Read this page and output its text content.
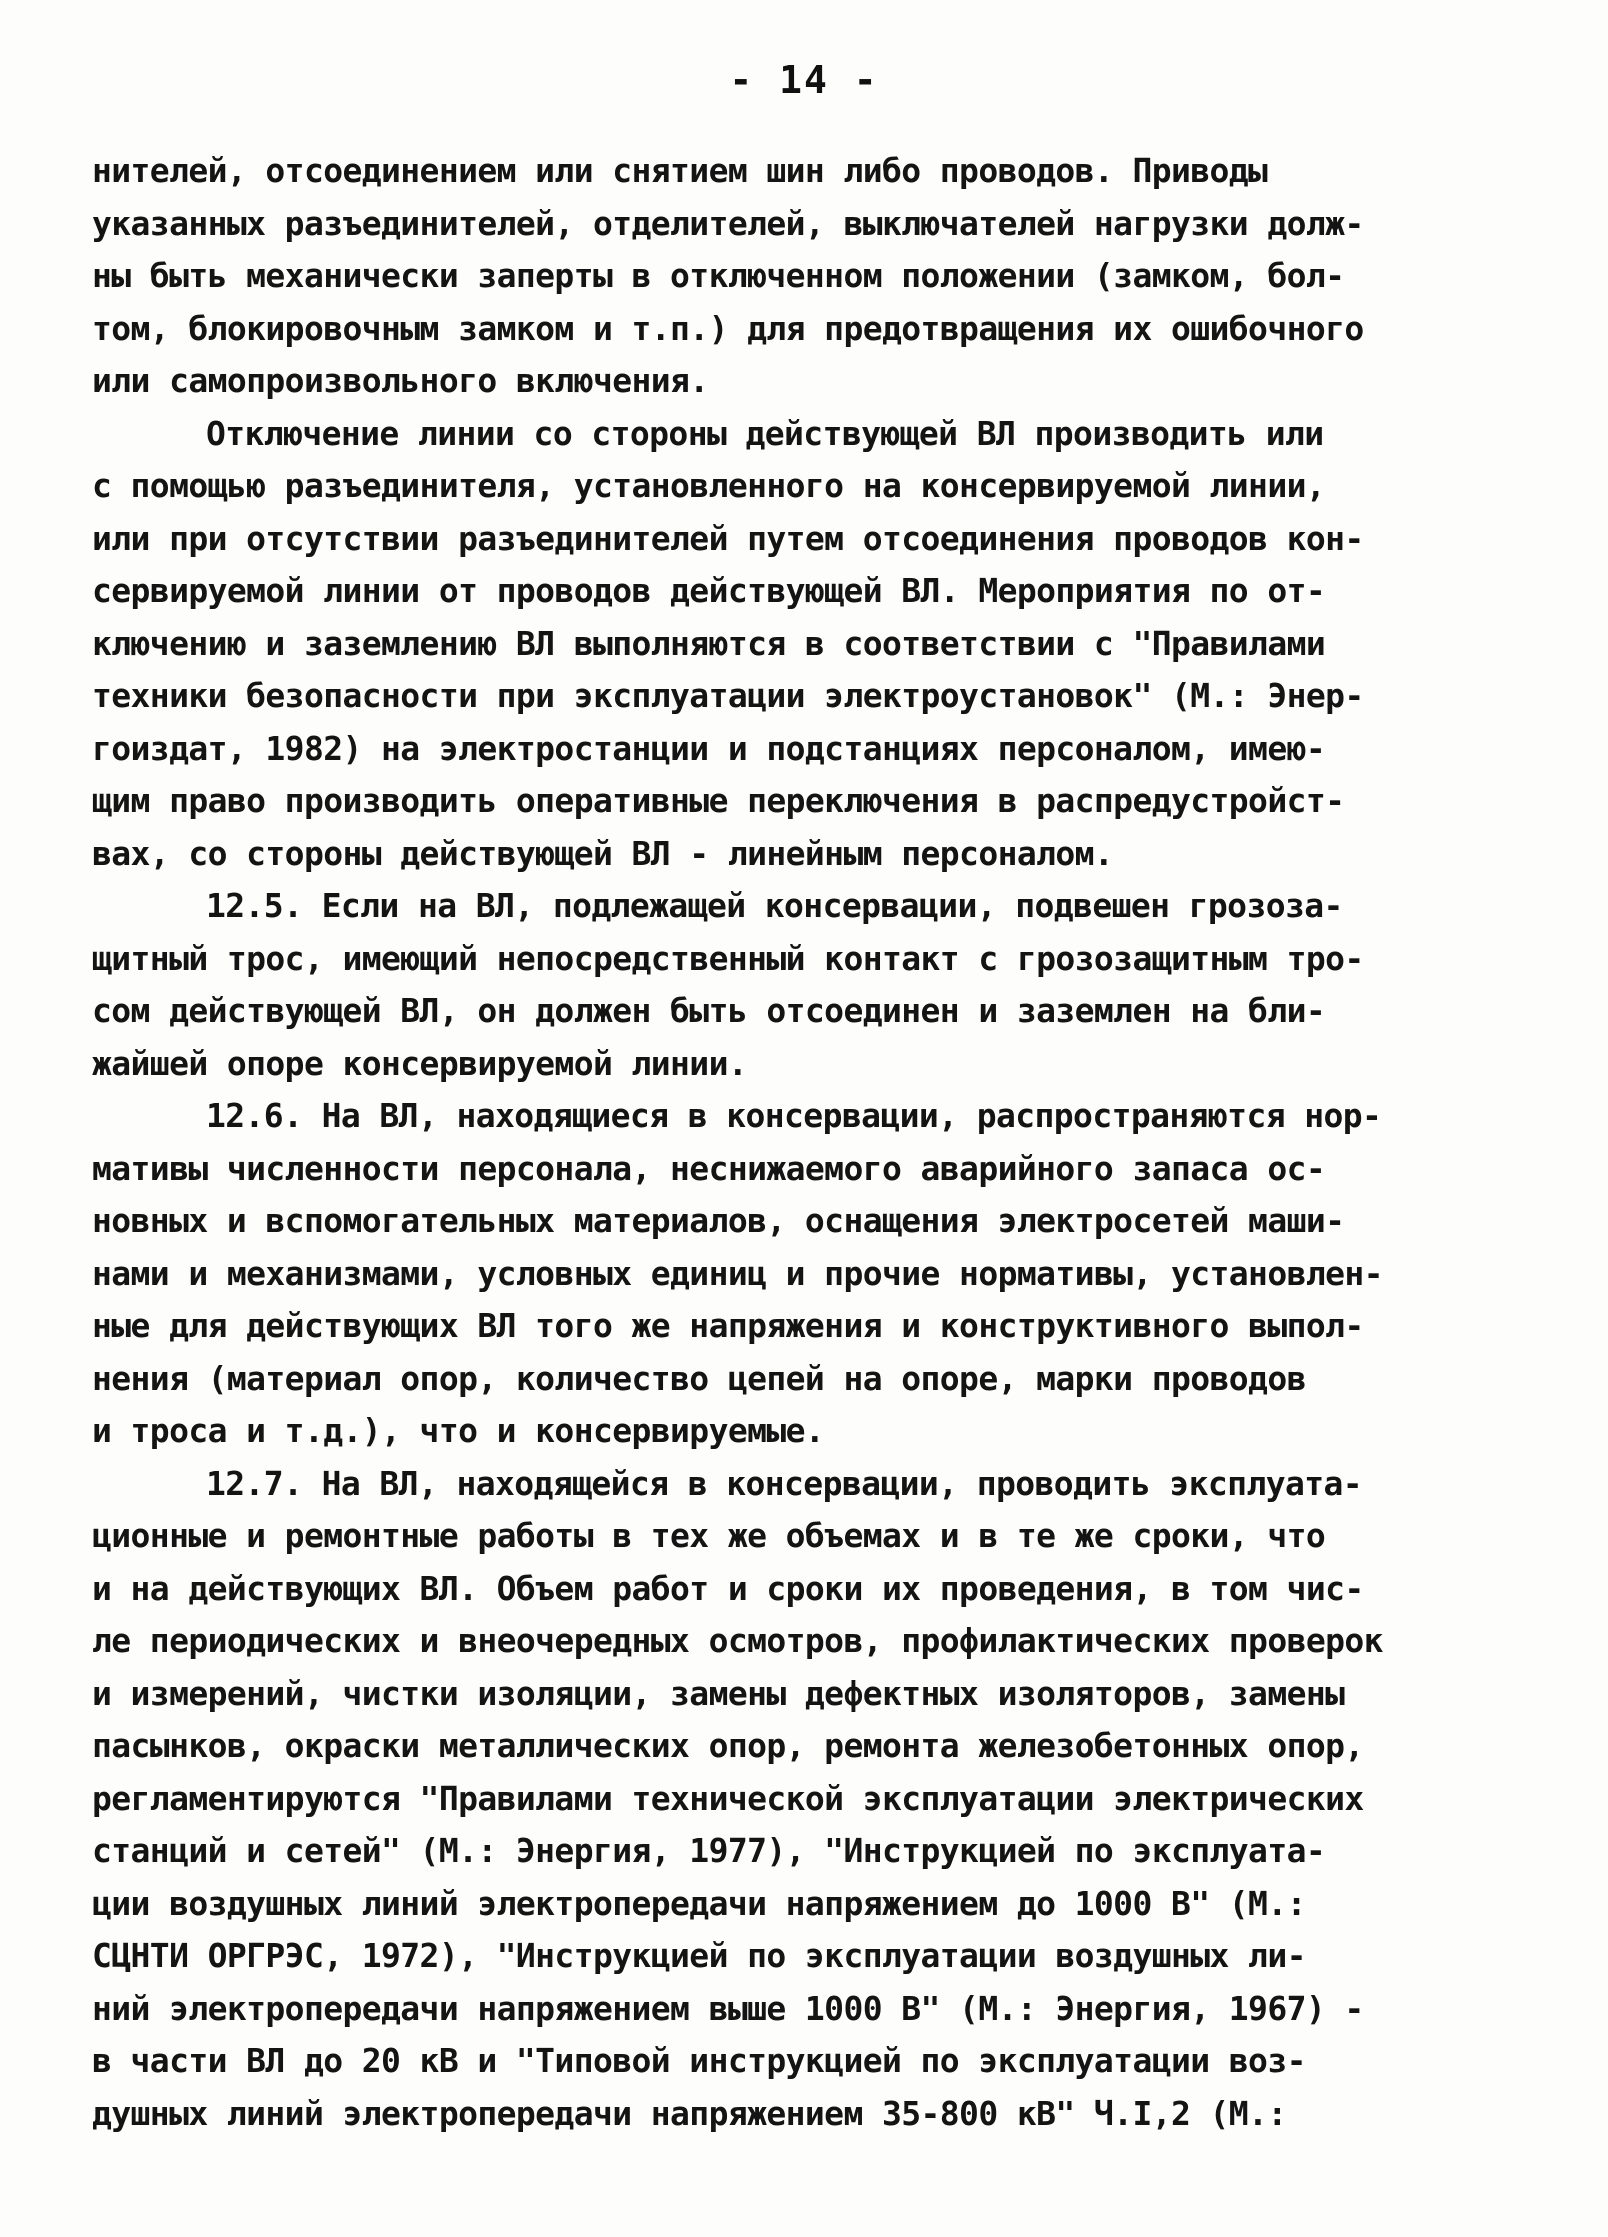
- 14 -
нителей, отсоединением или снятием шин либо проводов. Приводы
указанных разъединителей, отделителей, выключателей нагрузки долж-
ны быть механически заперты в отключенном положении (замком, бол-
том, блокировочным замком и т.п.) для предотвращения их ошибочного
или самопроизвольного включения.
Отключение линии со стороны действующей ВЛ производить или
с помощью разъединителя, установленного на консервируемой линии,
или при отсутствии разъединителей путем отсоединения проводов кон-
сервируемой линии от проводов действующей ВЛ. Мероприятия по от-
ключению и заземлению ВЛ выполняются в соответствии с "Правилами
техники безопасности при эксплуатации электроустановок" (М.: Энер-
гоиздат, 1982) на электростанции и подстанциях персоналом, имею-
щим право производить оперативные переключения в распредустройст-
вах, со стороны действующей ВЛ - линейным персоналом.
12.5. Если на ВЛ, подлежащей консервации, подвешен грозоза-
щитный трос, имеющий непосредственный контакт с грозозащитным тро-
сом действующей ВЛ, он должен быть отсоединен и заземлен на бли-
жайшей опоре консервируемой линии.
12.6. На ВЛ, находящиеся в консервации, распространяются нор-
мативы численности персонала, неснижаемого аварийного запаса ос-
новных и вспомогательных материалов, оснащения электросетей маши-
нами и механизмами, условных единиц и прочие нормативы, установлен-
ные для действующих ВЛ того же напряжения и конструктивного выпол-
нения (материал опор, количество цепей на опоре, марки проводов
и троса и т.д.), что и консервируемые.
12.7. На ВЛ, находящейся в консервации, проводить эксплуата-
ционные и ремонтные работы в тех же объемах и в те же сроки, что
и на действующих ВЛ. Объем работ и сроки их проведения, в том чис-
ле периодических и внеочередных осмотров, профилактических проверок
и измерений, чистки изоляции, замены дефектных изоляторов, замены
пасынков, окраски металлических опор, ремонта железобетонных опор,
регламентируются "Правилами технической эксплуатации электрических
станций и сетей" (М.: Энергия, 1977), "Инструкцией по эксплуата-
ции воздушных линий электропередачи напряжением до 1000 В" (М.:
СЦНТИ ОРГРЭС, 1972), "Инструкцией по эксплуатации воздушных ли-
ний электропередачи напряжением выше 1000 В" (М.: Энергия, 1967) -
в части ВЛ до 20 кВ и "Типовой инструкцией по эксплуатации воз-
душных линий электропередачи напряжением 35-800 кВ" Ч.I,2 (М.:
